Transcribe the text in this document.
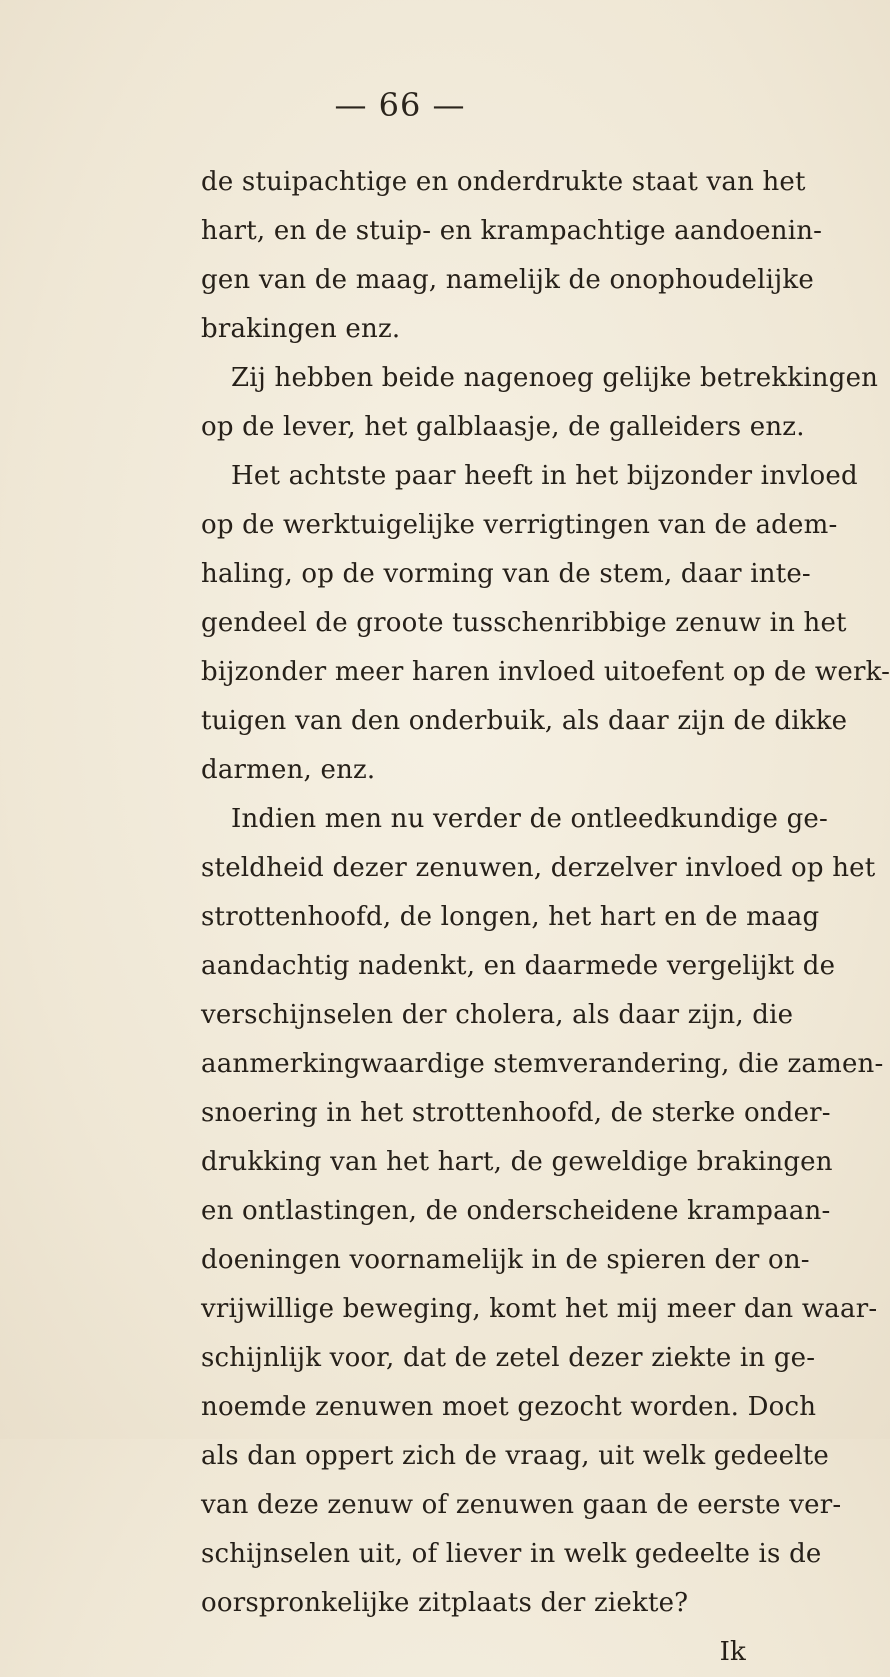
— 66 —
de stuipachtige en onderdrukte staat van het
hart, en de stuip- en krampachtige aandoenin-
gen van de maag, namelijk de onophoudelijke
brakingen enz.
Zij hebben beide nagenoeg gelijke betrekkingen
op de lever, het galblaasje, de galleiders enz.
Het achtste paar heeft in het bijzonder invloed
op de werktuigelijke verrigtingen van de adem-
haling, op de vorming van de stem, daar inte-
gendeel de groote tusschenribbige zenuw in het
bijzonder meer haren invloed uitoefent op de werk-
tuigen van den onderbuik, als daar zijn de dikke
darmen, enz.
Indien men nu verder de ontleedkundige ge-
steldheid dezer zenuwen, derzelver invloed op het
strottenhoofd, de longen, het hart en de maag
aandachtig nadenkt, en daarmede vergelijkt de
verschijnselen der cholera, als daar zijn, die
aanmerkingwaardige stemverandering, die zamen-
snoering in het strottenhoofd, de sterke onder-
drukking van het hart, de geweldige brakingen
en ontlastingen, de onderscheidene krampaan-
doeningen voornamelijk in de spieren der on-
vrijwillige beweging, komt het mij meer dan waar-
schijnlijk voor, dat de zetel dezer ziekte in ge-
noemde zenuwen moet gezocht worden. Doch
als dan oppert zich de vraag, uit welk gedeelte
van deze zenuw of zenuwen gaan de eerste ver-
schijnselen uit, of liever in welk gedeelte is de
oorspronkelijke zitplaats der ziekte?
Ik
